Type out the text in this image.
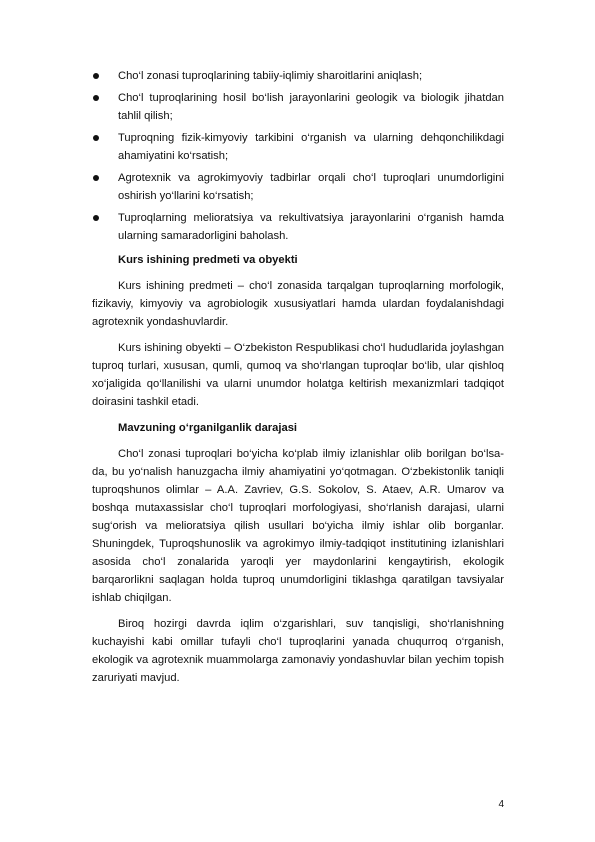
Cho‘l zonasi tuproqlarining tabiiy-iqlimiy sharoitlarini aniqlash;
Cho‘l tuproqlarining hosil bo‘lish jarayonlarini geologik va biologik jihatdan tahlil qilish;
Tuproqning fizik-kimyoviy tarkibini o‘rganish va ularning dehqonchilikdagi ahamiyatini ko‘rsatish;
Agrotexnik va agrokimyoviy tadbirlar orqali cho‘l tuproqlari unumdorligini oshirish yo‘llarini ko‘rsatish;
Tuproqlarning melioratsiya va rekultivatsiya jarayonlarini o‘rganish hamda ularning samaradorligini baholash.
Kurs ishining predmeti va obyekti

Kurs ishining predmeti – cho‘l zonasida tarqalgan tuproqlarning morfologik, fizikaviy, kimyoviy va agrobiologik xususiyatlari hamda ulardan foydalanishdagi agrotexnik yondashuvlardir.

Kurs ishining obyekti – O‘zbekiston Respublikasi cho‘l hududlarida joylashgan tuproq turlari, xususan, qumli, qumoq va sho‘rlangan tuproqlar bo‘lib, ular qishloq xo‘jaligida qo‘llanilishi va ularni unumdor holatga keltirish mexanizmlari tadqiqot doirasini tashkil etadi.

Mavzuning o‘rganilganlik darajasi

Cho‘l zonasi tuproqlari bo‘yicha ko‘plab ilmiy izlanishlar olib borilgan bo‘lsa-da, bu yo‘nalish hanuzgacha ilmiy ahamiyatini yo‘qotmagan. O‘zbekistonlik taniqli tuproqshunos olimlar – A.A. Zavriev, G.S. Sokolov, S. Ataev, A.R. Umarov va boshqa mutaxassislar cho‘l tuproqlari morfologiyasi, sho‘rlanish darajasi, ularni sug‘orish va melioratsiya qilish usullari bo‘yicha ilmiy ishlar olib borganlar. Shuningdek, Tuproqshunoslik va agrokimyo ilmiy-tadqiqot institutining izlanishlari asosida cho‘l zonalarida yaroqli yer maydonlarini kengaytirish, ekologik barqarorlikni saqlagan holda tuproq unumdorligini tiklashga qaratilgan tavsiyalar ishlab chiqilgan.

Biroq hozirgi davrda iqlim o‘zgarishlari, suv tanqisligi, sho‘rlanishning kuchayishi kabi omillar tufayli cho‘l tuproqlarini yanada chuqurroq o‘rganish, ekologik va agrotexnik muammolarga zamonaviy yondashuvlar bilan yechim topish zaruriyati mavjud.

4
